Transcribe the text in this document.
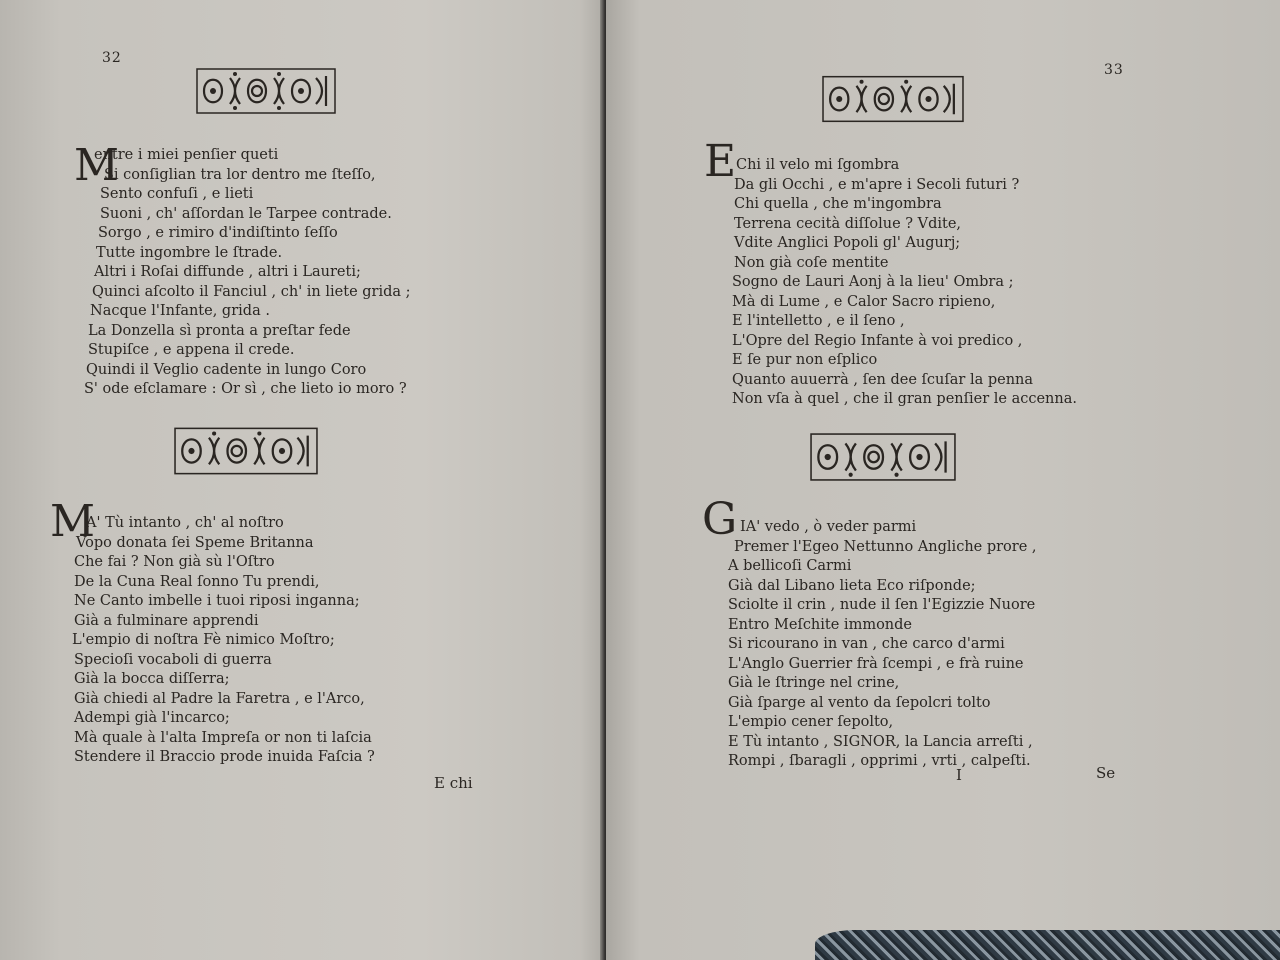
32
M
entre i miei penſier queti
Si conſiglian tra lor dentro me ſteſſo,
Sento confuſi , e lieti
Suoni , ch' aſſordan le Tarpee contrade.
Sorgo , e rimiro d'indiſtinto ſeſſo
Tutte ingombre le ſtrade.
Altri i Roſai diffunde , altri i Laureti;
Quinci aſcolto il Fanciul , ch' in liete grida ;
Nacque l'Infante, grida .
La Donzella sì pronta a preſtar fede
Stupiſce , e appena il crede.
Quindi il Veglio cadente in lungo Coro
S' ode eſclamare : Or sì , che lieto io moro ?
M
A' Tù intanto , ch' al noſtro
Vopo donata ſei Speme Britanna
Che fai ? Non già sù l'Oſtro
De la Cuna Real ſonno Tu prendi,
Ne Canto imbelle i tuoi riposi inganna;
Già a fulminare apprendi
L'empio di noſtra Fè nimico Moſtro;
Specioſi vocaboli di guerra
Già la bocca diſſerra;
Già chiedi al Padre la Faretra , e l'Arco,
Adempi già l'incarco;
Mà quale à l'alta Impreſa or non ti laſcia
Stendere il Braccio prode inuida Faſcia ?
E chi
33
E Chi il velo mi ſgombra
Da gli Occhi , e m'apre i Secoli futuri ?
Chi quella , che m'ingombra
Terrena cecità diſſolue ? Vdite,
Vdite Anglici Popoli gl' Augurj;
Non già coſe mentite
Sogno de Lauri Aonj à la lieu' Ombra ;
Mà di Lume , e Calor Sacro ripieno,
E l'intelletto , e il ſeno ,
L'Opre del Regio Infante à voi predico ,
E ſe pur non eſplico
Quanto auuerrà , ſen dee ſcuſar la penna
Non vſa à quel , che il gran penſier le accenna.
G IA' vedo , ò veder parmi
Premer l'Egeo Nettunno Angliche prore ,
A bellicoſi Carmi
Già dal Libano lieta Eco riſponde;
Sciolte il crin , nude il ſen l'Egizzie Nuore
Entro Meſchite immonde
Si ricourano in van , che carco d'armi
L'Anglo Guerrier frà ſcempi , e frà ruine
Già le ſtringe nel crine,
Già ſparge al vento da ſepolcri tolto
L'empio cener ſepolto,
E Tù intanto , SIGNOR, la Lancia arreſti ,
Rompi , ſbaragli , opprimi , vrti , calpeſti.
I	Se
